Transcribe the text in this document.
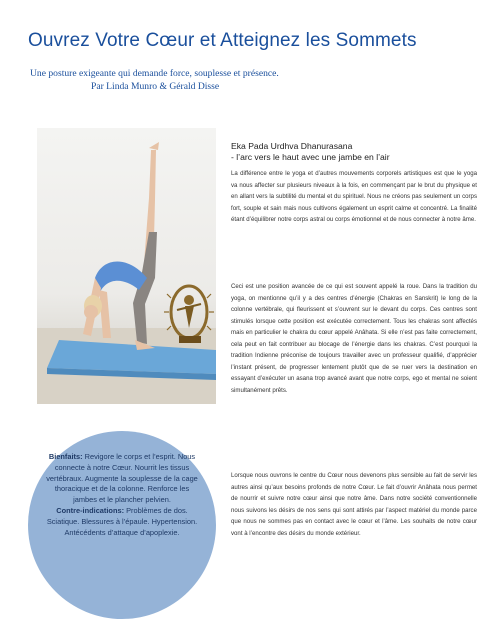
Ouvrez Votre Cœur et Atteignez les Sommets
Une posture exigeante qui demande force, souplesse et présence.
Par Linda Munro & Gérald Disse
Eka Pada Urdhva Dhanurasana
- l’arc vers le haut avec une jambe en l’air

La différence entre le yoga et d’autres mouvements corporels artistiques est que le yoga va nous affecter sur plusieurs niveaux à la fois, en commençant par le brut du physique et en allant vers la subtilité du mental et du spirituel. Nous ne créons pas seulement un corps fort, souple et sain mais nous cultivons également un esprit calme et concentré. La finalité étant d’équilibrer notre corps astral ou corps émotionnel et de nous connecter à notre âme.

Ceci est une position avancée de ce qui est souvent appelé la roue. Dans la tradition du yoga, on mentionne qu’il y a des centres d’énergie (Chakras en Sanskrit) le long de la colonne vertébrale, qui fleurissent et s’ouvrent sur le devant du corps. Ces centres sont stimulés lorsque cette position est exécutée correctement. Tous les chakras sont affectés mais en particulier le chakra du cœur appelé Anâhata. Si elle n’est pas faite correctement, cela peut en fait contribuer au blocage de l’énergie dans les chakras. C’est pourquoi la tradition Indienne préconise de toujours travailler avec un professeur qualifié, d’apprécier l’instant présent, de progresser lentement plutôt que de se ruer vers la destination en essayant d’exécuter un asana trop avancé avant que notre corps, ego et mental ne soient simultanément prêts.

Lorsque nous ouvrons le centre du Cœur nous devenons plus sensible au fait de servir les autres ainsi qu’aux besoins profonds de notre Cœur. Le fait d’ouvrir Anâhata nous permet de nourrir et suivre notre cœur ainsi que notre âme. Dans notre société conventionnelle nous suivons les désirs de nos sens qui sont attirés par l’aspect matériel du monde parce que nous ne sommes pas en contact avec le cœur et l’âme. Les souhaits de notre cœur vont à l’encontre des désirs du monde extérieur.

Bienfaits: Revigore le corps et l’esprit. Nous connecte à notre Cœur. Nourrit les tissus vertébraux. Augmente la souplesse de la cage thoracique et de la colonne. Renforce les jambes et le plancher pelvien.
Contre-indications: Problèmes de dos. Sciatique. Blessures à l’épaule. Hypertension. Antécédents d’attaque d’apoplexie.
